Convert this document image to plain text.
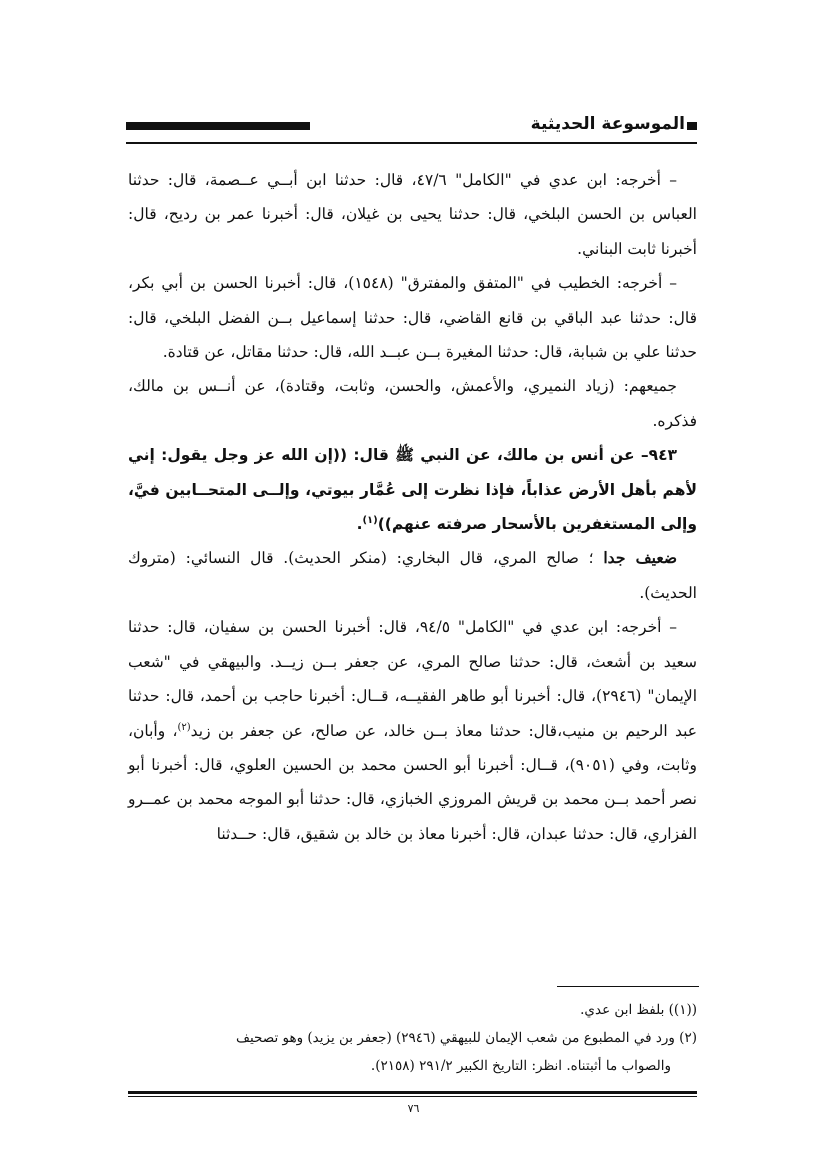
الموسوعة الحديثية

– أخرجه: ابن عدي في "الكامل" ٤٧/٦، قال: حدثنا ابن أبــي عــصمة، قال: حدثنا العباس بن الحسن البلخي، قال: حدثنا يحيى بن غيلان، قال: أخبرنا عمر بن رديح، قال: أخبرنا ثابت البناني.

– أخرجه: الخطيب في "المتفق والمفترق" (١٥٤٨)، قال: أخبرنا الحسن بن أبي بكر، قال: حدثنا عبد الباقي بن قانع القاضي، قال: حدثنا إسماعيل بــن الفضل البلخي، قال: حدثنا علي بن شبابة، قال: حدثنا المغيرة بــن عبــد الله، قال: حدثنا مقاتل، عن قتادة.

جميعهم: (زياد النميري، والأعمش، والحسن، وثابت، وقتادة)، عن أنــس بن مالك، فذكره.

٩٤٣– عن أنس بن مالك، عن النبي ﷺ قال: ((إن الله عز وجل يقول: إني لأهم بأهل الأرض عذاباً، فإذا نظرت إلى عُمَّار بيوتي، وإلــى المتحــابين فيَّ، وإلى المستغفرين بالأسحار صرفته عنهم))$^{(١)}$.

ضعيف جدا ؛ صالح المري، قال البخاري: (منكر الحديث). قال النسائي: (متروك الحديث).

– أخرجه: ابن عدي في "الكامل" ٩٤/٥، قال: أخبرنا الحسن بن سفيان، قال: حدثنا سعيد بن أشعث، قال: حدثنا صالح المري، عن جعفر بــن زيــد. والبيهقي في "شعب الإيمان" (٢٩٤٦)، قال: أخبرنا أبو طاهر الفقيــه، قــال: أخبرنا حاجب بن أحمد، قال: حدثنا عبد الرحيم بن منيب،قال: حدثنا معاذ بــن خالد، عن صالح، عن جعفر بن زيد$^{(٢)}$، وأبان، وثابت، وفي (٩٠٥١)، قــال: أخبرنا أبو الحسن محمد بن الحسين العلوي، قال: أخبرنا أبو نصر أحمد بــن محمد بن قريش المروزي الخبازي، قال: حدثنا أبو الموجه محمد بن عمــرو الفزاري، قال: حدثنا عبدان، قال: أخبرنا معاذ بن خالد بن شقيق، قال: حــدثنا

((١)) بلفظ ابن عدي.

(٢) ورد في المطبوع من شعب الإيمان للبيهقي (٢٩٤٦) (جعفر بن يزيد) وهو تصحيف

والصواب ما أثبتناه. انظر: التاريخ الكبير ٢٩١/٢ (٢١٥٨).

٧٦
